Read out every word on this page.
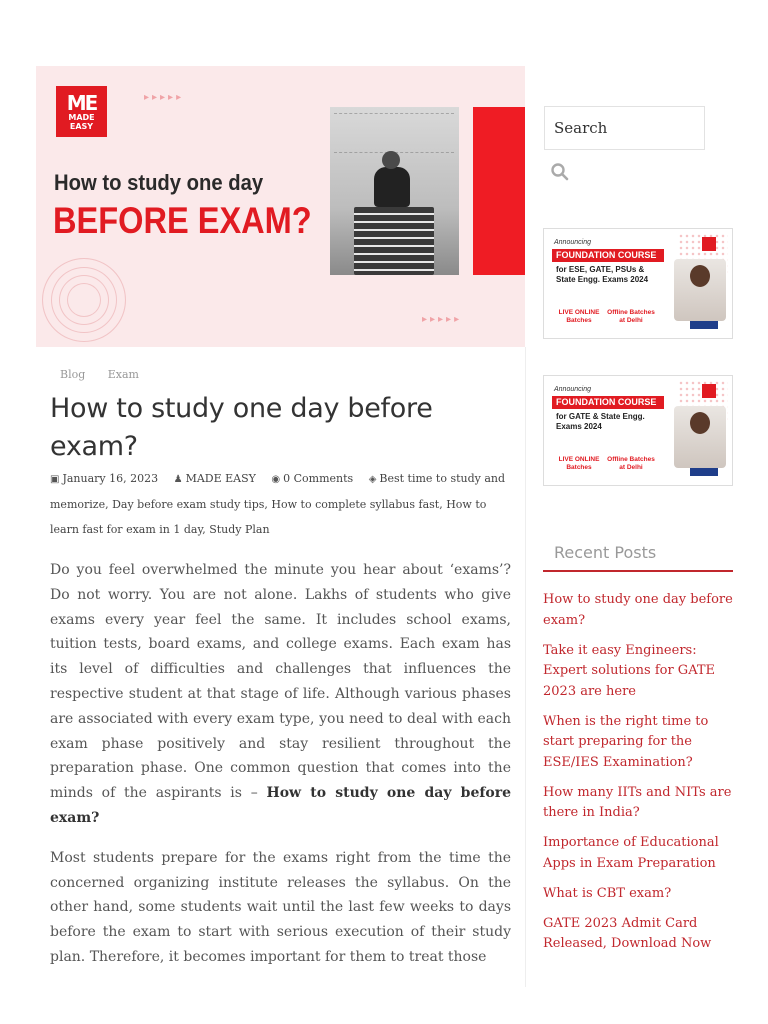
ME
MADE EASY
▸▸▸▸▸
▸▸▸▸▸
How to study one day
BEFORE EXAM?
Blog Exam
How to study one day before exam?
▣ January 16, 2023 ♟ MADE EASY ◉ 0 Comments ◈ Best time to study and memorize, Day before exam study tips, How to complete syllabus fast, How to learn fast for exam in 1 day, Study Plan

Do you feel overwhelmed the minute you hear about ‘exams’? Do not worry. You are not alone. Lakhs of students who give exams every year feel the same. It includes school exams, tuition tests, board exams, and college exams. Each exam has its level of difficulties and challenges that influences the respective student at that stage of life. Although various phases are associated with every exam type, you need to deal with each exam phase positively and stay resilient throughout the preparation phase. One common question that comes into the minds of the aspirants is – How to study one day before exam?

Most students prepare for the exams right from the time the concerned organizing institute releases the syllabus. On the other hand, some students wait until the last few weeks to days before the exam to start with serious execution of their study plan. Therefore, it becomes important for them to treat those

Search
Announcing
FOUNDATION COURSE
for ESE, GATE, PSUs & State Engg. Exams 2024
LIVE ONLINE Batches
Offline Batches at Delhi
Announcing
FOUNDATION COURSE
for GATE & State Engg. Exams 2024
LIVE ONLINE Batches
Offline Batches at Delhi
Recent Posts
How to study one day before exam?
Take it easy Engineers: Expert solutions for GATE 2023 are here
When is the right time to start preparing for the ESE/IES Examination?
How many IITs and NITs are there in India?
Importance of Educational Apps in Exam Preparation
What is CBT exam?
GATE 2023 Admit Card Released, Download Now
